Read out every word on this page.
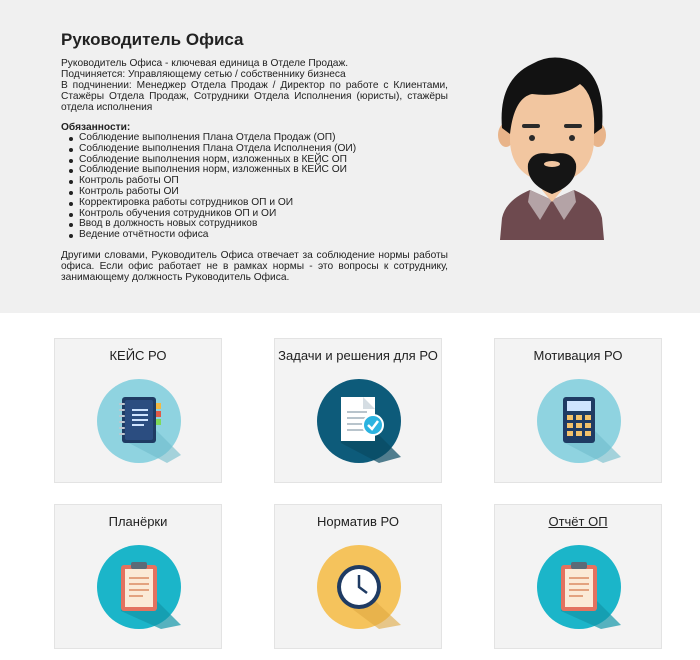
Руководитель Офиса
Руководитель Офиса - ключевая единица в Отделе Продаж.
Подчиняется: Управляющему сетью / собственнику бизнеса
В подчинении: Менеджер Отдела Продаж / Директор по работе с Клиентами, Стажёры Отдела Продаж, Сотрудники Отдела Исполнения (юристы), стажёры отдела исполнения
Обязанности:
Соблюдение выполнения Плана Отдела Продаж (ОП)
Соблюдение выполнения Плана Отдела Исполнения (ОИ)
Соблюдение выполнения норм, изложенных в КЕЙС ОП
Соблюдение выполнения норм, изложенных в КЕЙС ОИ
Контроль работы ОП
Контроль работы ОИ
Корректировка работы сотрудников ОП и ОИ
Контроль обучения сотрудников ОП и ОИ
Ввод в должность новых сотрудников
Ведение отчётности офиса
Другими словами, Руководитель Офиса отвечает за соблюдение нормы работы офиса. Если офис работает не в рамках нормы - это вопросы к сотруднику, занимающему должность Руководитель Офиса.
КЕЙС РО	Задачи и решения для РО	Мотивация РО
Планёрки	Норматив РО	Отчёт ОП
